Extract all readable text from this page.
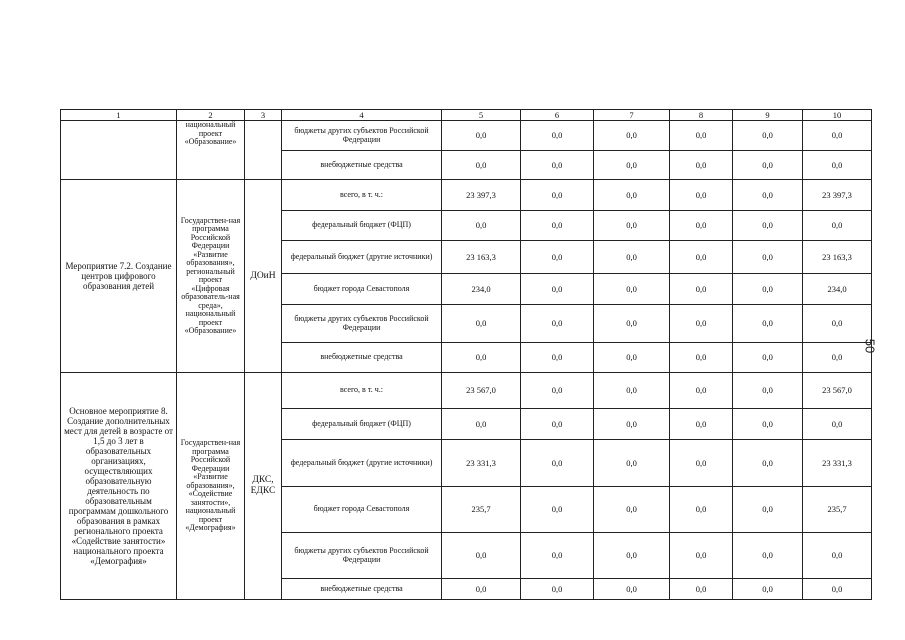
1	2	3	4	5	6	7	8	9	10
	национальный проект «Образование»		бюджеты других субъектов Российской Федерации	0,0	0,0	0,0	0,0	0,0	0,0
			внебюджетные средства	0,0	0,0	0,0	0,0	0,0	0,0
Мероприятие 7.2. Создание центров цифрового образования детей	Государствен-ная программа Российской Федерации «Развитие образования», региональный проект «Цифровая образователь-ная среда», национальный проект «Образование»	ДОиН	всего, в т. ч.:	23 397,3	0,0	0,0	0,0	0,0	23 397,3
			федеральный бюджет (ФЦП)	0,0	0,0	0,0	0,0	0,0	0,0
			федеральный бюджет (другие источники)	23 163,3	0,0	0,0	0,0	0,0	23 163,3
			бюджет города Севастополя	234,0	0,0	0,0	0,0	0,0	234,0
			бюджеты других субъектов Российской Федерации	0,0	0,0	0,0	0,0	0,0	0,0
			внебюджетные средства	0,0	0,0	0,0	0,0	0,0	0,0
Основное мероприятие 8. Создание дополнительных мест для детей в возрасте от 1,5 до 3 лет в образовательных организациях, осуществляющих образовательную деятельность по образовательным программам дошкольного образования в рамках регионального проекта «Содействие занятости» национального проекта «Демография»	Государствен-ная программа Российской Федерации «Развитие образования», «Содействие занятости», национальный проект «Демография»	ДКС, ЕДКС	всего, в т. ч.:	23 567,0	0,0	0,0	0,0	0,0	23 567,0
			федеральный бюджет (ФЦП)	0,0	0,0	0,0	0,0	0,0	0,0
			федеральный бюджет (другие источники)	23 331,3	0,0	0,0	0,0	0,0	23 331,3
			бюджет города Севастополя	235,7	0,0	0,0	0,0	0,0	235,7
			бюджеты других субъектов Российской Федерации	0,0	0,0	0,0	0,0	0,0	0,0
			внебюджетные средства	0,0	0,0	0,0	0,0	0,0	0,0
50
